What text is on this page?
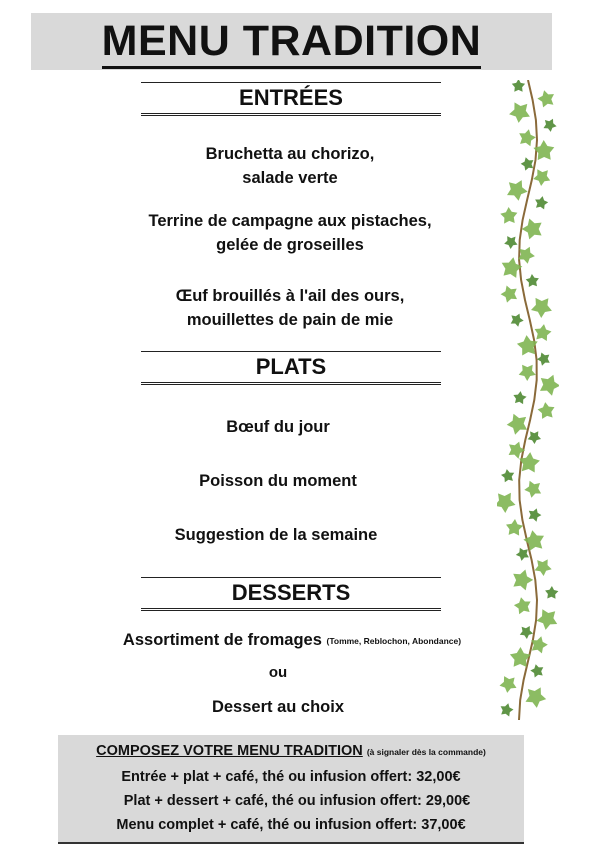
MENU TRADITION
ENTRÉES
Bruchetta au chorizo,
salade verte
Terrine de campagne aux pistaches,
gelée de groseilles
Œuf brouillés à l'ail des ours,
mouillettes de pain de mie
PLATS
Bœuf du jour
Poisson du moment
Suggestion de la semaine
DESSERTS
Assortiment de fromages (Tomme, Reblochon, Abondance)
ou
Dessert au choix
COMPOSEZ VOTRE MENU TRADITION (à signaler dès la commande)
Entrée + plat + café, thé ou infusion offert: 32,00€
Plat + dessert + café, thé ou infusion offert: 29,00€
Menu complet + café, thé ou infusion offert: 37,00€
